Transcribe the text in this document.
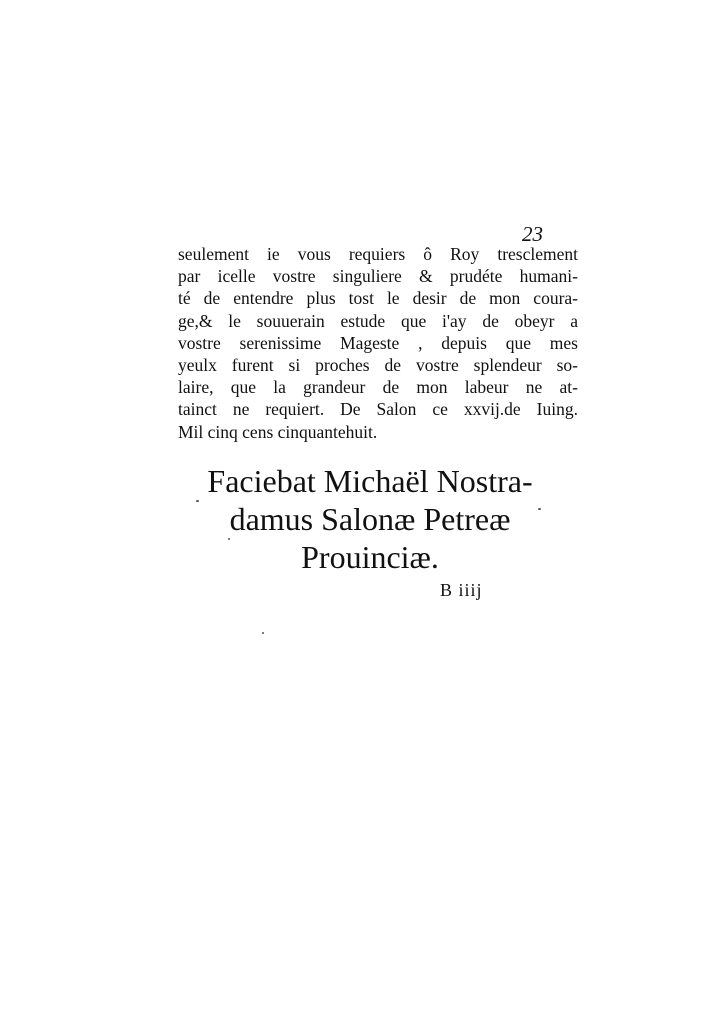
23
seulement ie vous requiers ô Roy tresclement
par icelle vostre singuliere & prudéte humani-
té de entendre plus tost le desir de mon coura-
ge,& le souuerain estude que i'ay de obeyr a
vostre serenissime Mageste , depuis que mes
yeulx furent si proches de vostre splendeur so-
laire, que la grandeur de mon labeur ne at-
tainct ne requiert. De Salon ce xxvij.de Iuing.
Mil cinq cens cinquantehuit.
Faciebat Michaël Nostra-
damus Salonæ Petreæ
Prouinciæ.
B iiij
